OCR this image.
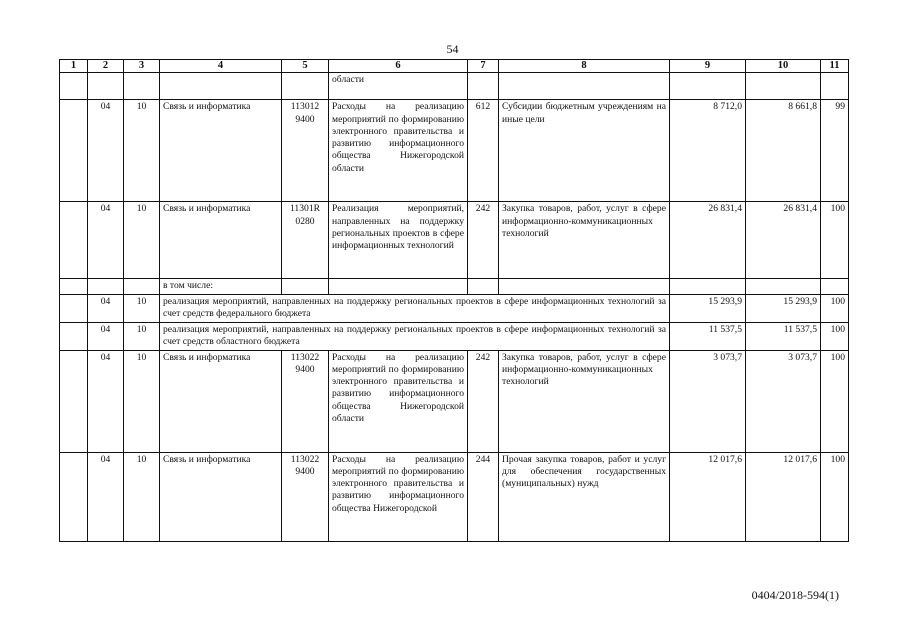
54
1	2	3	4	5	6	7	8	9	10	11
					области					
	04	10	Связь и информатика	113012 9400	Расходы на реализацию мероприятий по формированию электронного правительства и развитию информационного общества Нижегородской области	612	Субсидии бюджетным учреждениям на иные цели	8 712,0	8 661,8	99
	04	10	Связь и информатика	11301R 0280	Реализация мероприятий, направленных на поддержку региональных проектов в сфере информационных технологий	242	Закупка товаров, работ, услуг в сфере информационно-коммуникационных технологий	26 831,4	26 831,4	100
			в том числе:							
	04	10	реализация мероприятий, направленных на поддержку региональных проектов в сфере информационных технологий за счет средств федерального бюджета					15 293,9	15 293,9	100
	04	10	реализация мероприятий, направленных на поддержку региональных проектов в сфере информационных технологий за счет средств областного бюджета					11 537,5	11 537,5	100
	04	10	Связь и информатика	113022 9400	Расходы на реализацию мероприятий по формированию электронного правительства и развитию информационного общества Нижегородской области	242	Закупка товаров, работ, услуг в сфере информационно-коммуникационных технологий	3 073,7	3 073,7	100
	04	10	Связь и информатика	113022 9400	Расходы на реализацию мероприятий по формированию электронного правительства и развитию информационного общества Нижегородской	244	Прочая закупка товаров, работ и услуг для обеспечения государственных (муниципальных) нужд	12 017,6	12 017,6	100
0404/2018-594(1)
